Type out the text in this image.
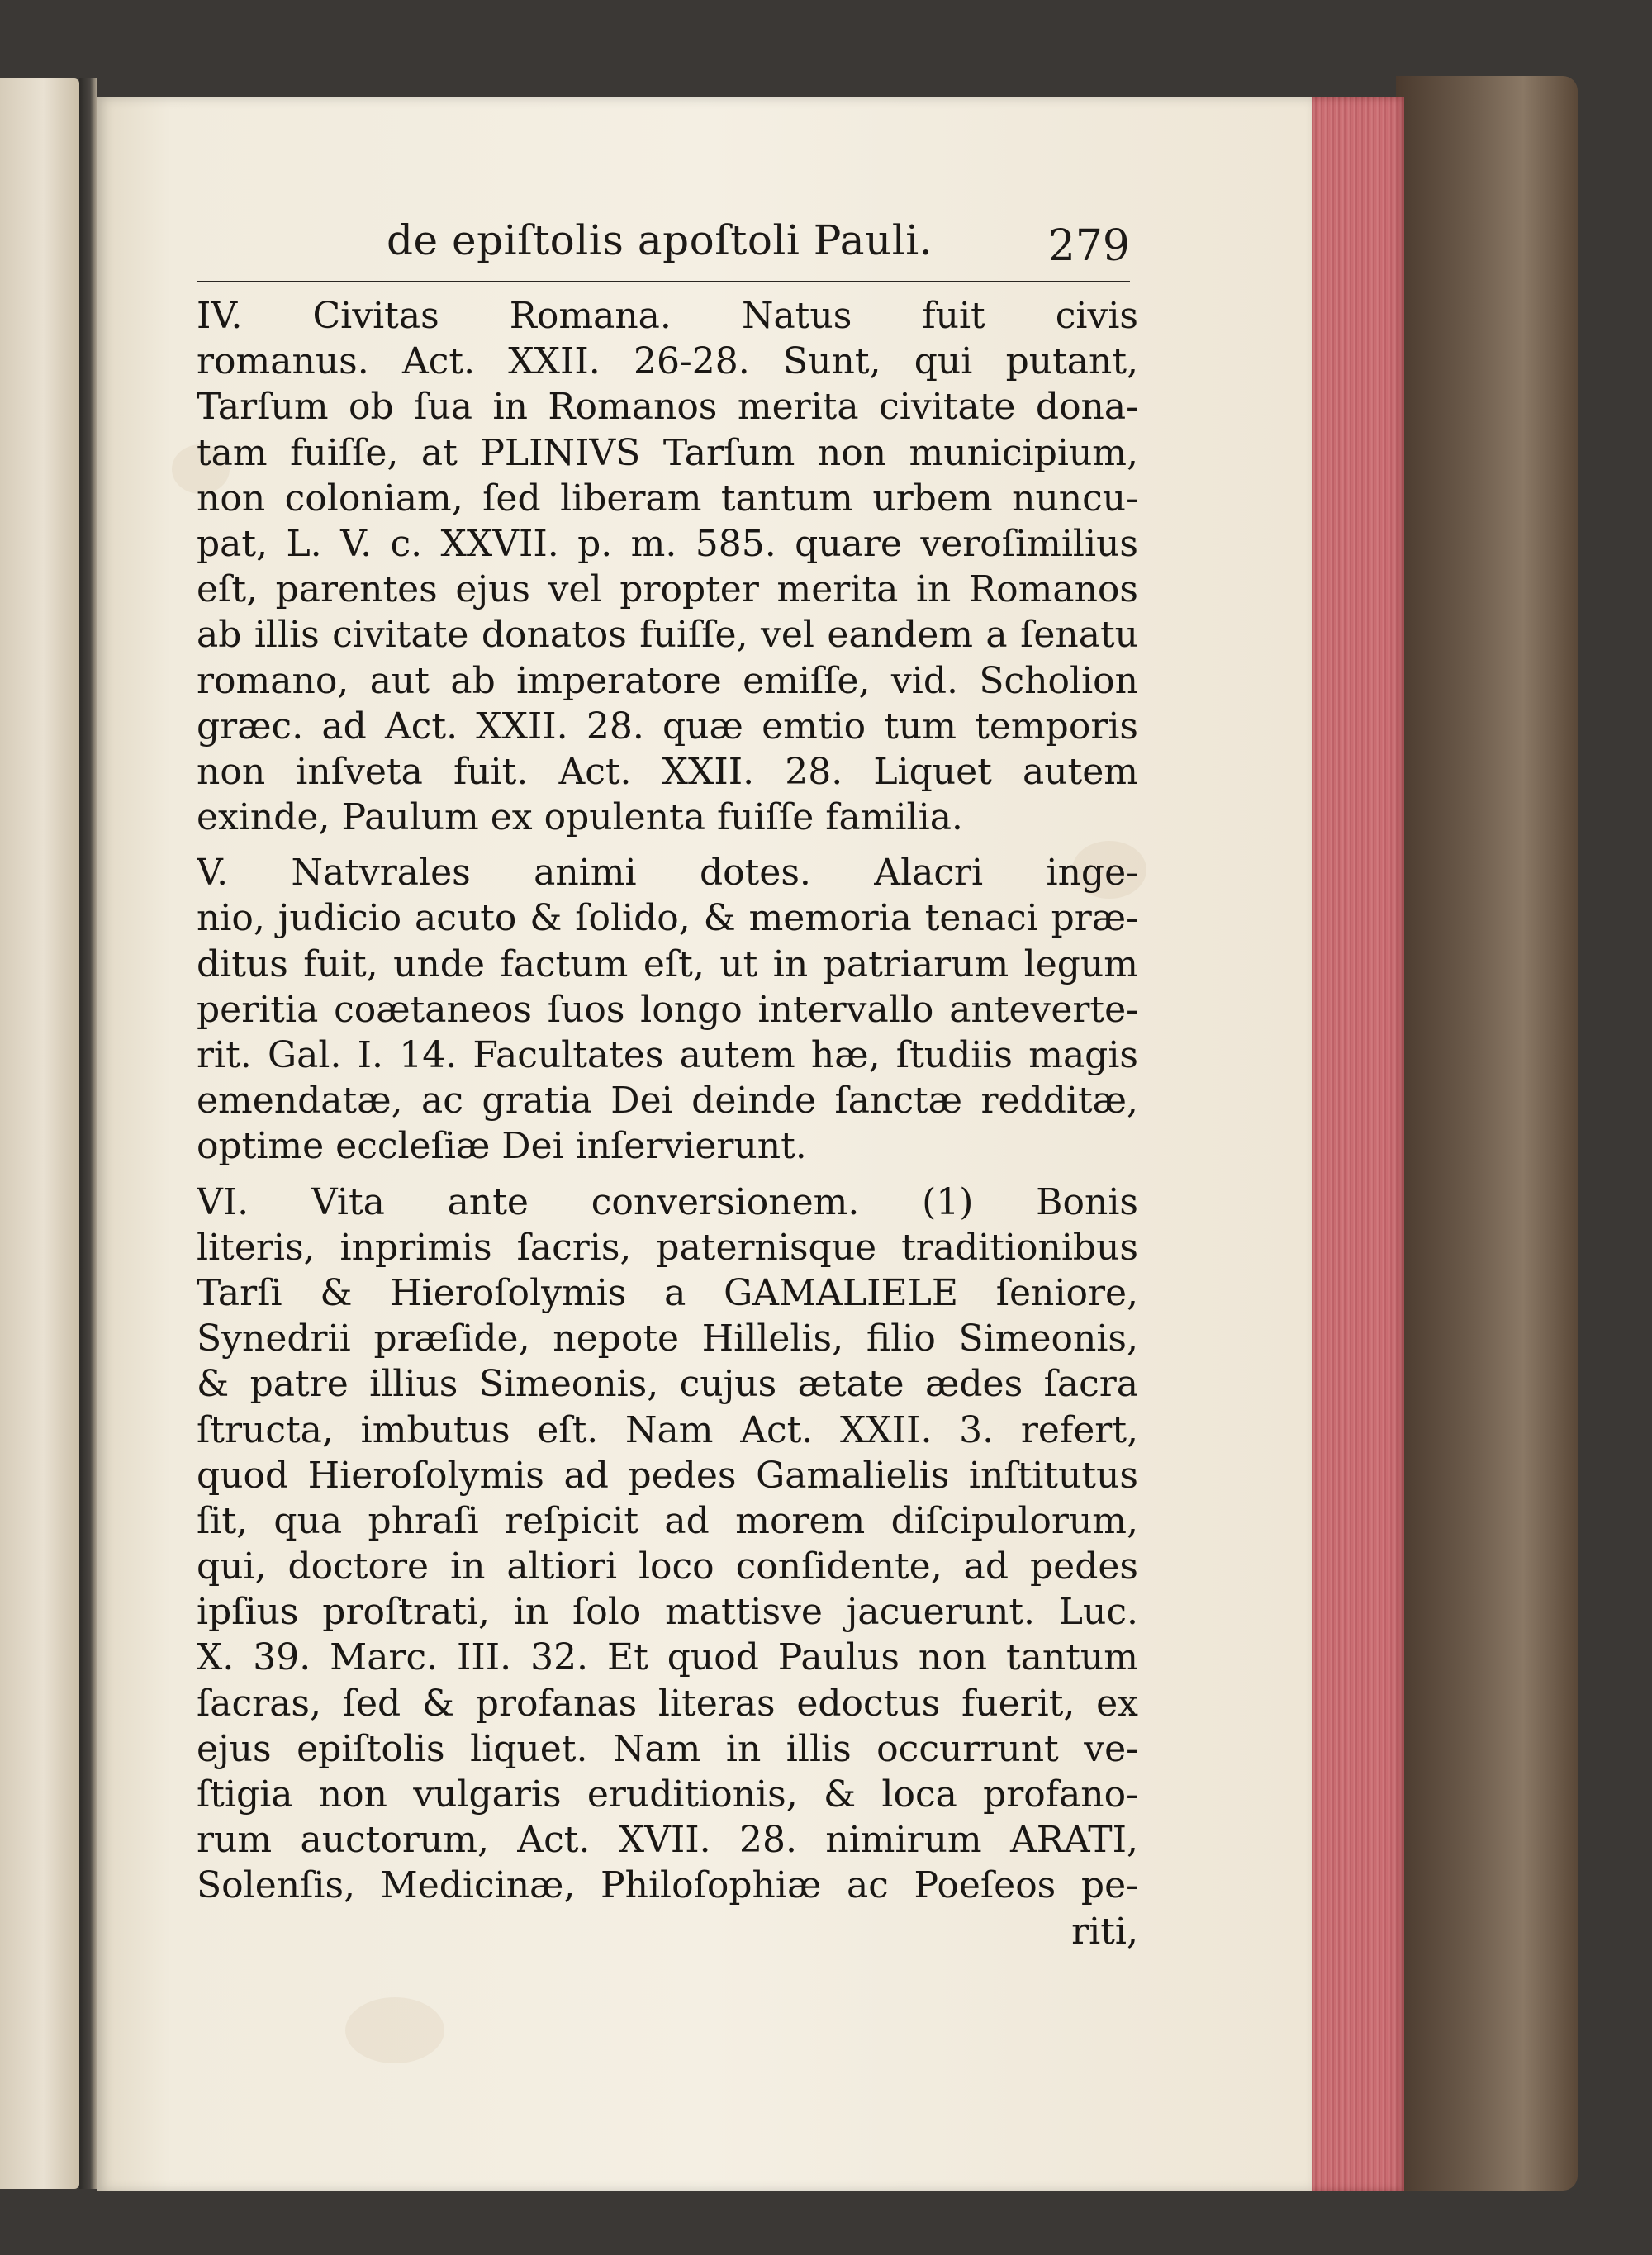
de epiſtolis apoſtoli Pauli.	279
IV. Civitas Romana. Natus fuit civis
romanus. Act. XXII. 26-28. Sunt, qui putant,
Tarſum ob ſua in Romanos merita civitate dona-
tam fuiſſe, at PLINIVS Tarſum non municipium,
non coloniam, ſed liberam tantum urbem nuncu-
pat, L. V. c. XXVII. p. m. 585. quare veroſimilius
eſt, parentes ejus vel propter merita in Romanos
ab illis civitate donatos fuiſſe, vel eandem a ſenatu
romano, aut ab imperatore emiſſe, vid. Scholion
græc. ad Act. XXII. 28. quæ emtio tum temporis
non inſveta fuit. Act. XXII. 28. Liquet autem
exinde, Paulum ex opulenta fuiſſe familia.
V. Natvrales animi dotes. Alacri inge-
nio, judicio acuto & ſolido, & memoria tenaci præ-
ditus fuit, unde factum eſt, ut in patriarum legum
peritia coætaneos ſuos longo intervallo anteverte-
rit. Gal. I. 14. Facultates autem hæ, ſtudiis magis
emendatæ, ac gratia Dei deinde ſanctæ redditæ,
optime eccleſiæ Dei inſervierunt.
VI. Vita ante conversionem. (1) Bonis
literis, inprimis ſacris, paternisque traditionibus
Tarſi & Hieroſolymis a GAMALIELE ſeniore,
Synedrii præſide, nepote Hillelis, filio Simeonis,
& patre illius Simeonis, cujus ætate ædes ſacra
ſtructa, imbutus eſt. Nam Act. XXII. 3. refert,
quod Hieroſolymis ad pedes Gamalielis inſtitutus
ſit, qua phraſi reſpicit ad morem diſcipulorum,
qui, doctore in altiori loco conſidente, ad pedes
ipſius proſtrati, in ſolo mattisve jacuerunt. Luc.
X. 39. Marc. III. 32. Et quod Paulus non tantum
ſacras, ſed & profanas literas edoctus fuerit, ex
ejus epiſtolis liquet. Nam in illis occurrunt ve-
ſtigia non vulgaris eruditionis, & loca profano-
rum auctorum, Act. XVII. 28. nimirum ARATI,
Solenſis, Medicinæ, Philoſophiæ ac Poeſeos pe-
riti,
